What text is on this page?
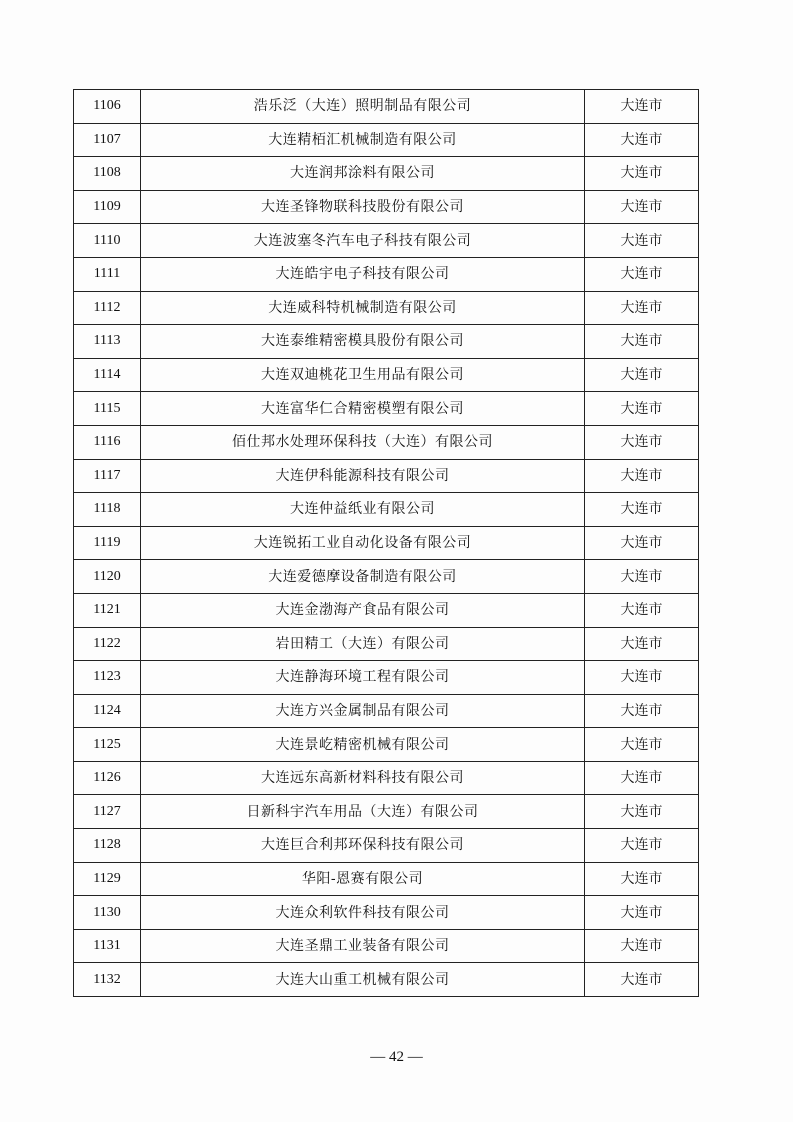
1106	浩乐泛（大连）照明制品有限公司	大连市
1107	大连精栢汇机械制造有限公司	大连市
1108	大连润邦涂料有限公司	大连市
1109	大连圣锋物联科技股份有限公司	大连市
1110	大连波塞冬汽车电子科技有限公司	大连市
1111	大连皓宇电子科技有限公司	大连市
1112	大连威科特机械制造有限公司	大连市
1113	大连泰维精密模具股份有限公司	大连市
1114	大连双迪桃花卫生用品有限公司	大连市
1115	大连富华仁合精密模塑有限公司	大连市
1116	佰仕邦水处理环保科技（大连）有限公司	大连市
1117	大连伊科能源科技有限公司	大连市
1118	大连仲益纸业有限公司	大连市
1119	大连锐拓工业自动化设备有限公司	大连市
1120	大连爱德摩设备制造有限公司	大连市
1121	大连金渤海产食品有限公司	大连市
1122	岩田精工（大连）有限公司	大连市
1123	大连静海环境工程有限公司	大连市
1124	大连方兴金属制品有限公司	大连市
1125	大连景屹精密机械有限公司	大连市
1126	大连远东高新材料科技有限公司	大连市
1127	日新科宇汽车用品（大连）有限公司	大连市
1128	大连巨合利邦环保科技有限公司	大连市
1129	华阳-恩赛有限公司	大连市
1130	大连众利软件科技有限公司	大连市
1131	大连圣鼎工业装备有限公司	大连市
1132	大连大山重工机械有限公司	大连市
— 42 —
